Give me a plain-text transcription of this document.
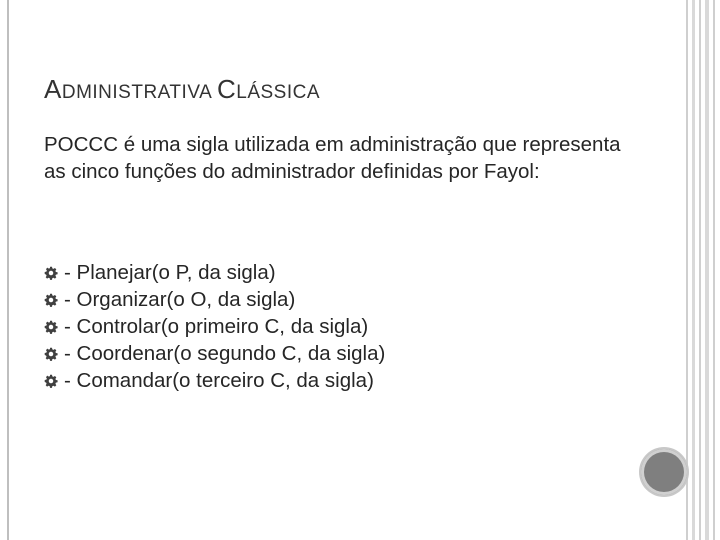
ADMINISTRATIVA CLÁSSICA
POCCC é uma sigla utilizada em administração que representa as cinco funções do administrador definidas por Fayol:
- Planejar(o P, da sigla)
- Organizar(o O, da sigla)
- Controlar(o primeiro C, da sigla)
- Coordenar(o segundo C, da sigla)
- Comandar(o terceiro C, da sigla)
